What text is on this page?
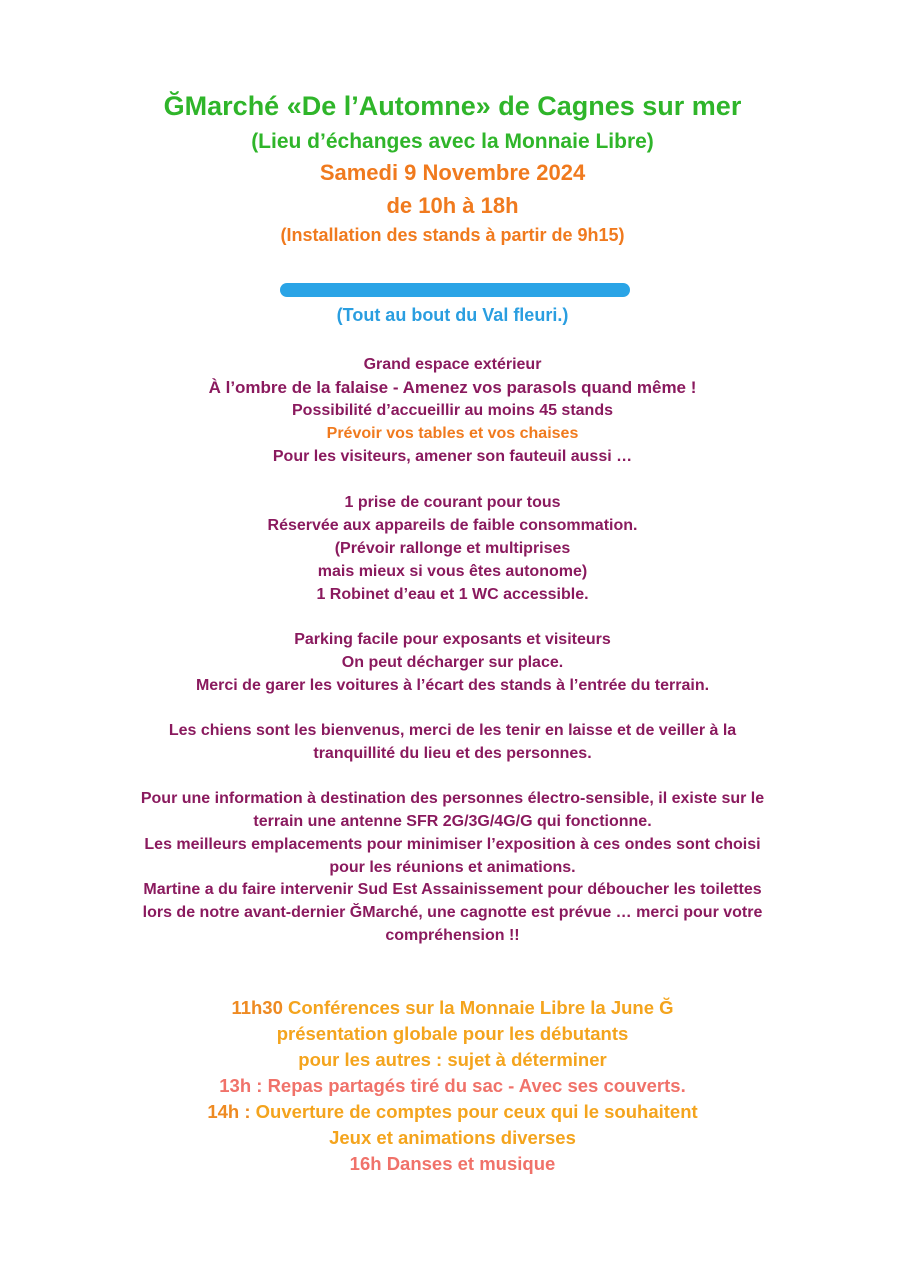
ĞMarché «De l’Automne» de Cagnes sur mer
(Lieu d’échanges avec la Monnaie Libre)
Samedi 9 Novembre 2024
de 10h à 18h
(Installation des stands à partir de 9h15)
(Tout au bout du Val fleuri.)
Grand espace extérieur
À l’ombre de la falaise - Amenez vos parasols quand même !
Possibilité d’accueillir au moins 45 stands
Prévoir vos tables et vos chaises
Pour les visiteurs, amener son fauteuil aussi …
1 prise de courant pour tous
Réservée aux appareils de faible consommation.
(Prévoir rallonge et multiprises
mais mieux si vous êtes autonome)
1 Robinet d’eau et 1 WC accessible.
Parking facile pour exposants et visiteurs
On peut décharger sur place.
Merci de garer les voitures à l’écart des stands à l’entrée du terrain.
Les chiens sont les bienvenus, merci de les tenir en laisse et de veiller à la
tranquillité du lieu et des personnes.
Pour une information à destination des personnes électro-sensible, il existe sur le
terrain une antenne SFR 2G/3G/4G/G qui fonctionne.
Les meilleurs emplacements pour minimiser l’exposition à ces ondes sont choisi
pour les réunions et animations.
Martine a du faire intervenir Sud Est Assainissement pour déboucher les toilettes
lors de notre avant-dernier ĞMarché, une cagnotte est prévue … merci pour votre
compréhension !!
11h30 Conférences sur la Monnaie Libre la June Ğ
présentation globale pour les débutants
pour les autres : sujet à déterminer
13h : Repas partagés tiré du sac - Avec ses couverts.
14h : Ouverture de comptes pour ceux qui le souhaitent
Jeux et animations diverses
16h Danses et musique
